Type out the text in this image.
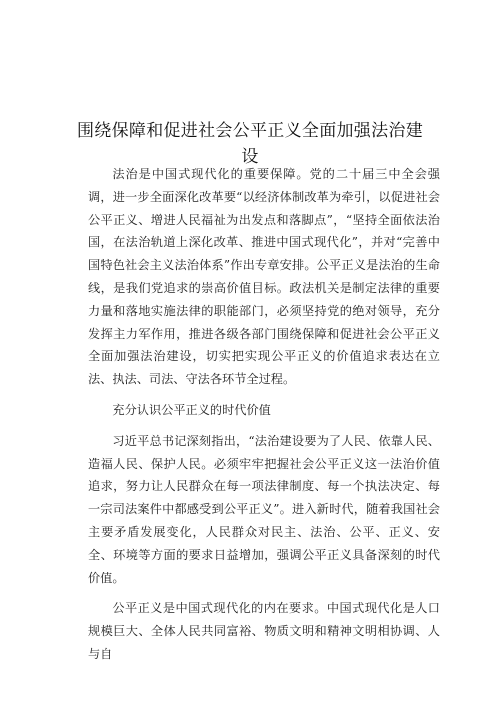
围绕保障和促进社会公平正义全面加强法治建设

法治是中国式现代化的重要保障。党的二十届三中全会强调，进一步全面深化改革要“以经济体制改革为牵引，以促进社会公平正义、增进人民福祉为出发点和落脚点”，“坚持全面依法治国，在法治轨道上深化改革、推进中国式现代化”，并对“完善中国特色社会主义法治体系”作出专章安排。公平正义是法治的生命线，是我们党追求的崇高价值目标。政法机关是制定法律的重要力量和落地实施法律的职能部门，必须坚持党的绝对领导，充分发挥主力军作用，推进各级各部门围绕保障和促进社会公平正义全面加强法治建设，切实把实现公平正义的价值追求表达在立法、执法、司法、守法各环节全过程。

充分认识公平正义的时代价值

习近平总书记深刻指出，“法治建设要为了人民、依靠人民、造福人民、保护人民。必须牢牢把握社会公平正义这一法治价值追求，努力让人民群众在每一项法律制度、每一个执法决定、每一宗司法案件中都感受到公平正义”。进入新时代，随着我国社会主要矛盾发展变化，人民群众对民主、法治、公平、正义、安全、环境等方面的要求日益增加，强调公平正义具备深刻的时代价值。

公平正义是中国式现代化的内在要求。中国式现代化是人口规模巨大、全体人民共同富裕、物质文明和精神文明相协调、人与自
